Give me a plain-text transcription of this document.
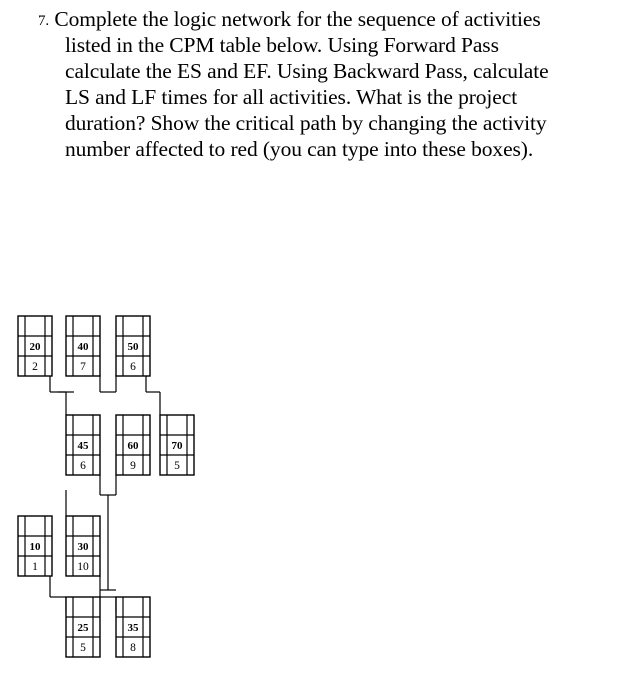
7. Complete the logic network for the sequence of activities
listed in the CPM table below. Using Forward Pass
calculate the ES and EF. Using Backward Pass, calculate
LS and LF times for all activities. What is the project
duration? Show the critical path by changing the activity
number affected to red (you can type into these boxes).
20
2
40
7
50
6
45
6
60
9
70
5
10
1
30
10
25
5
35
8
